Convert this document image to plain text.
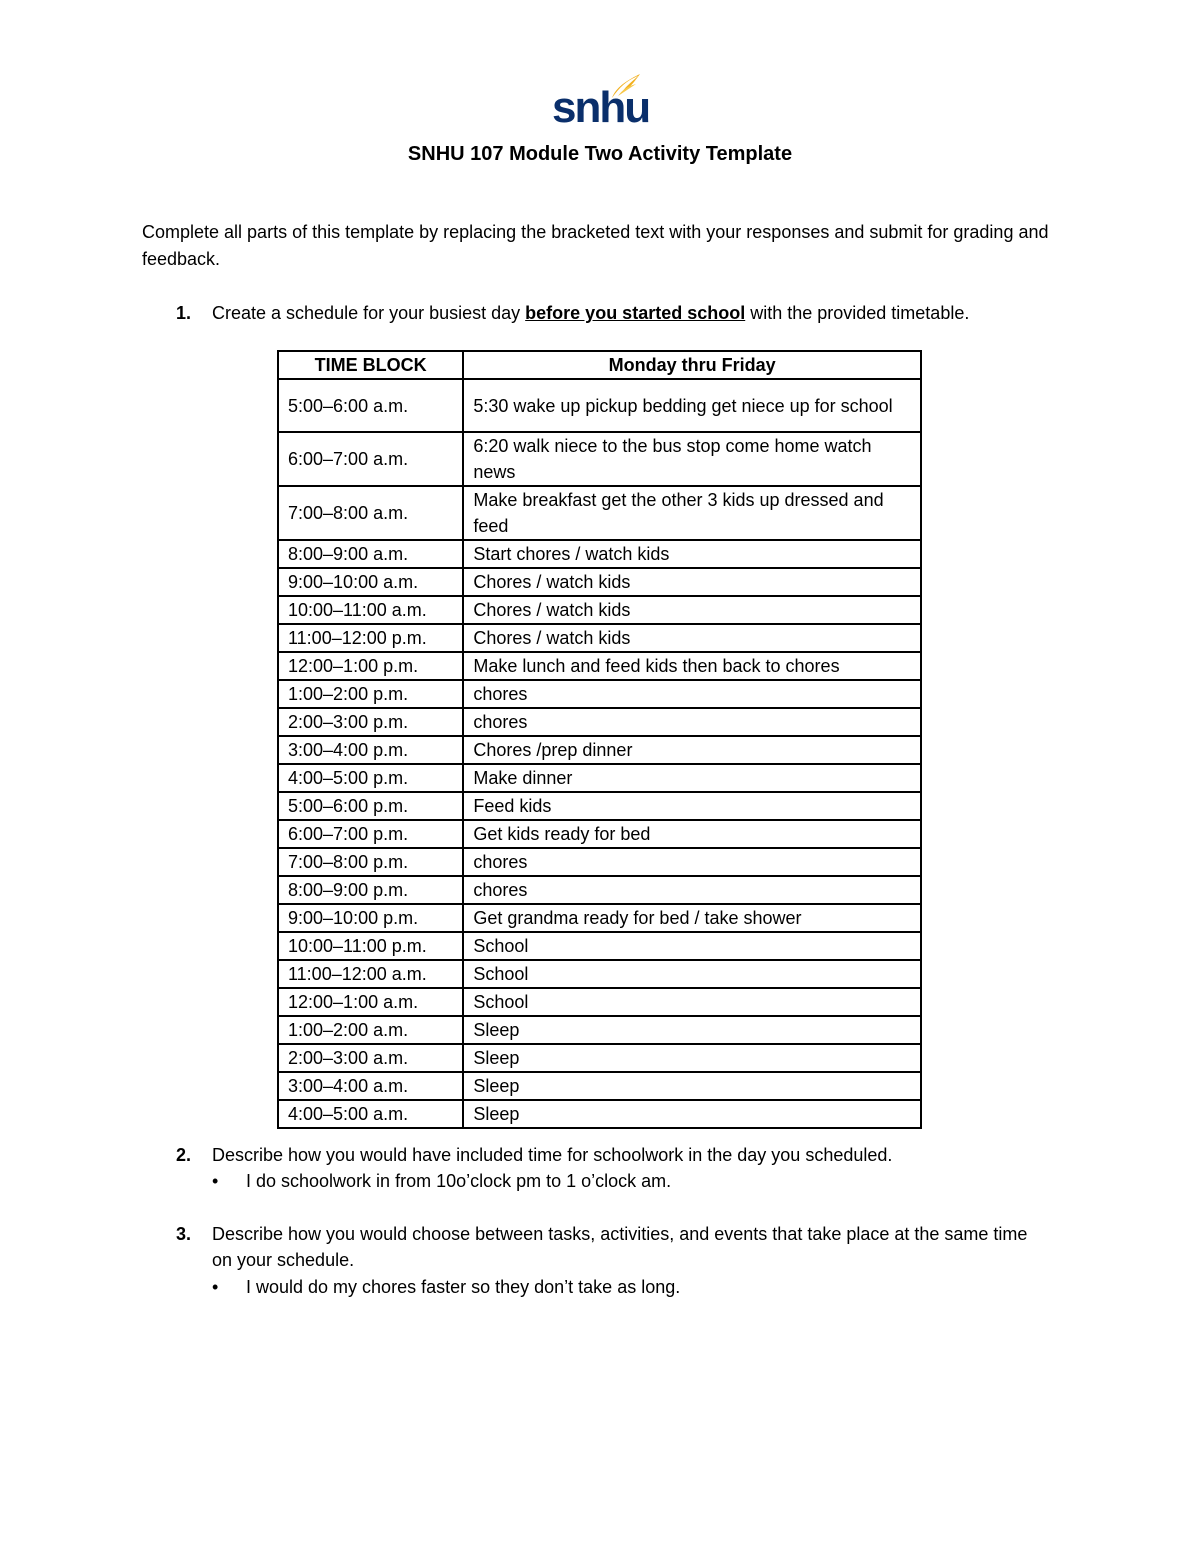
snhu
SNHU 107 Module Two Activity Template
Complete all parts of this template by replacing the bracketed text with your responses and submit for grading and feedback.
1. Create a schedule for your busiest day before you started school with the provided timetable.
TIME BLOCK	Monday thru Friday
5:00–6:00 a.m.	5:30 wake up pickup bedding get niece up for school
6:00–7:00 a.m.	6:20 walk niece to the bus stop come home watch news
7:00–8:00 a.m.	Make breakfast get the other 3 kids up dressed and feed
8:00–9:00 a.m.	Start chores / watch kids
9:00–10:00 a.m.	Chores / watch kids
10:00–11:00 a.m.	Chores / watch kids
11:00–12:00 p.m.	Chores / watch kids
12:00–1:00 p.m.	Make lunch and feed kids then back to chores
1:00–2:00 p.m.	chores
2:00–3:00 p.m.	chores
3:00–4:00 p.m.	Chores /prep dinner
4:00–5:00 p.m.	Make dinner
5:00–6:00 p.m.	Feed kids
6:00–7:00 p.m.	Get kids ready for bed
7:00–8:00 p.m.	chores
8:00–9:00 p.m.	chores
9:00–10:00 p.m.	Get grandma ready for bed / take shower
10:00–11:00 p.m.	School
11:00–12:00 a.m.	School
12:00–1:00 a.m.	School
1:00–2:00 a.m.	Sleep
2:00–3:00 a.m.	Sleep
3:00–4:00 a.m.	Sleep
4:00–5:00 a.m.	Sleep
2. Describe how you would have included time for schoolwork in the day you scheduled.
• I do schoolwork in from 10o’clock pm to 1 o’clock am.
3. Describe how you would choose between tasks, activities, and events that take place at the same time on your schedule.
• I would do my chores faster so they don’t take as long.
